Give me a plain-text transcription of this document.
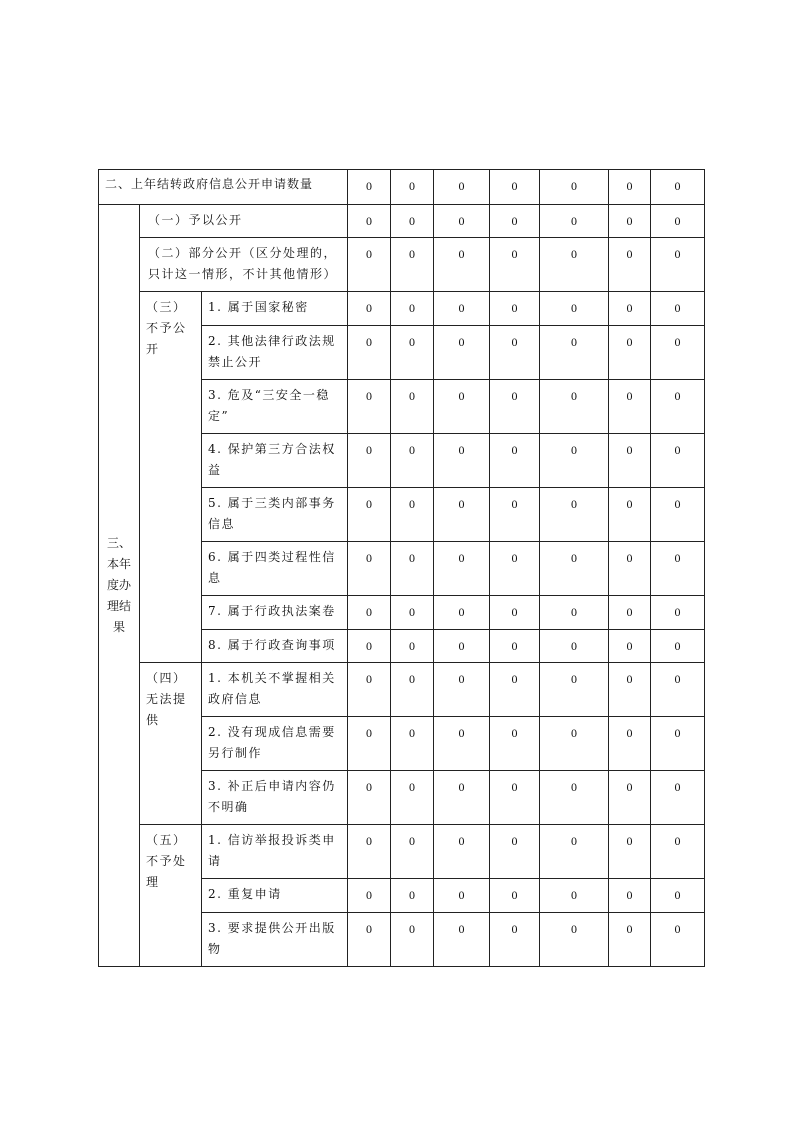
二、上年结转政府信息公开申请数量			0	0	0	0	0	0	0
三、本年度办理结果	（一）予以公开		0	0	0	0	0	0	0
	（二）部分公开（区分处理的，只计这一情形，不计其他情形）		0	0	0	0	0	0	0
	（三）不予公开	1. 属于国家秘密	0	0	0	0	0	0	0
		2. 其他法律行政法规禁止公开	0	0	0	0	0	0	0
		3. 危及“三安全一稳定”	0	0	0	0	0	0	0
		4. 保护第三方合法权益	0	0	0	0	0	0	0
		5. 属于三类内部事务信息	0	0	0	0	0	0	0
		6. 属于四类过程性信息	0	0	0	0	0	0	0
		7. 属于行政执法案卷	0	0	0	0	0	0	0
		8. 属于行政查询事项	0	0	0	0	0	0	0
	（四）无法提供	1. 本机关不掌握相关政府信息	0	0	0	0	0	0	0
		2. 没有现成信息需要另行制作	0	0	0	0	0	0	0
		3. 补正后申请内容仍不明确	0	0	0	0	0	0	0
	（五）不予处理	1. 信访举报投诉类申请	0	0	0	0	0	0	0
		2. 重复申请	0	0	0	0	0	0	0
		3. 要求提供公开出版物	0	0	0	0	0	0	0
